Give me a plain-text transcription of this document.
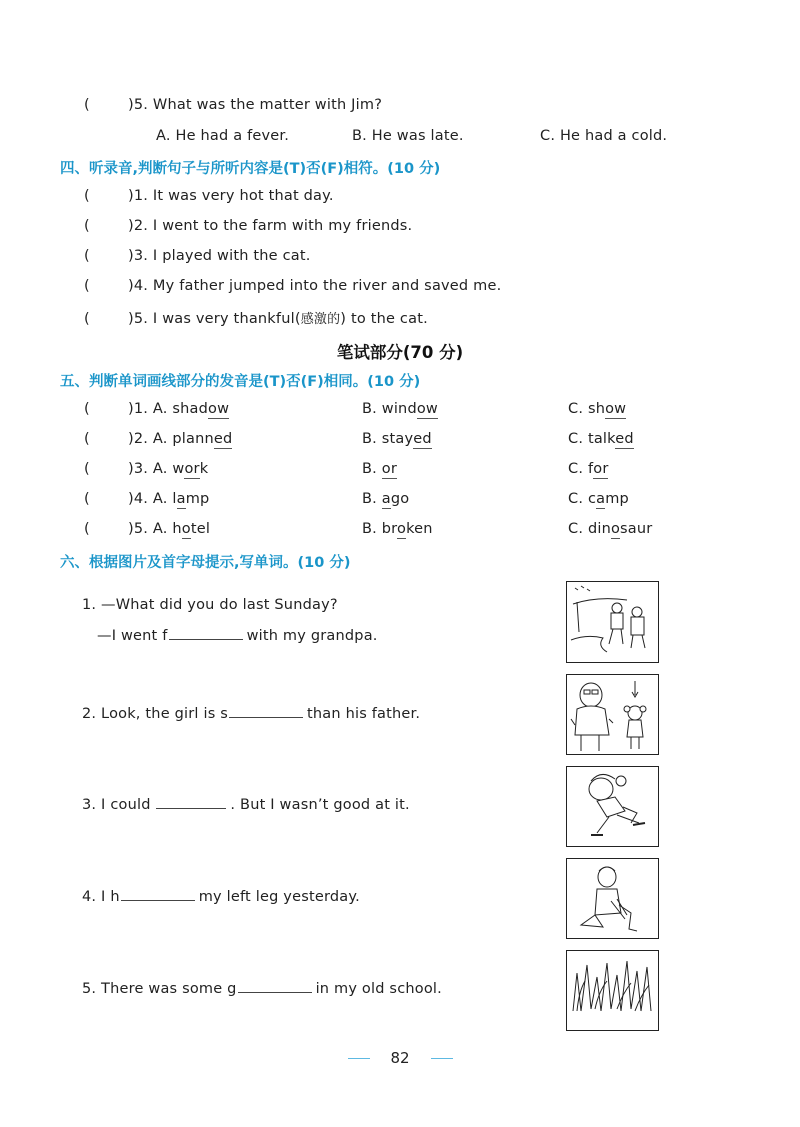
(	)5. What was the matter with Jim?
A. He had a fever.	B. He was late.	C. He had a cold.
四、听录音,判断句子与所听内容是(T)否(F)相符。(10 分)
(	)1. It was very hot that day.
(	)2. I went to the farm with my friends.
(	)3. I played with the cat.
(	)4. My father jumped into the river and saved me.
(	)5. I was very thankful(感激的) to the cat.
笔试部分(70 分)
五、判断单词画线部分的发音是(T)否(F)相同。(10 分)
(	)1. A. shadow	B. window	C. show
(	)2. A. planned	B. stayed	C. talked
(	)3. A. work	B. or	C. for
(	)4. A. lamp	B. ago	C. camp
(	)5. A. hotel	B. broken	C. dinosaur
六、根据图片及首字母提示,写单词。(10 分)
1. —What did you do last Sunday?
—I went f	with my grandpa.
2. Look, the girl is s	than his father.
3. I could	. But I wasn’t good at it.
4. I h	my left leg yesterday.
5. There was some g	in my old school.
82
